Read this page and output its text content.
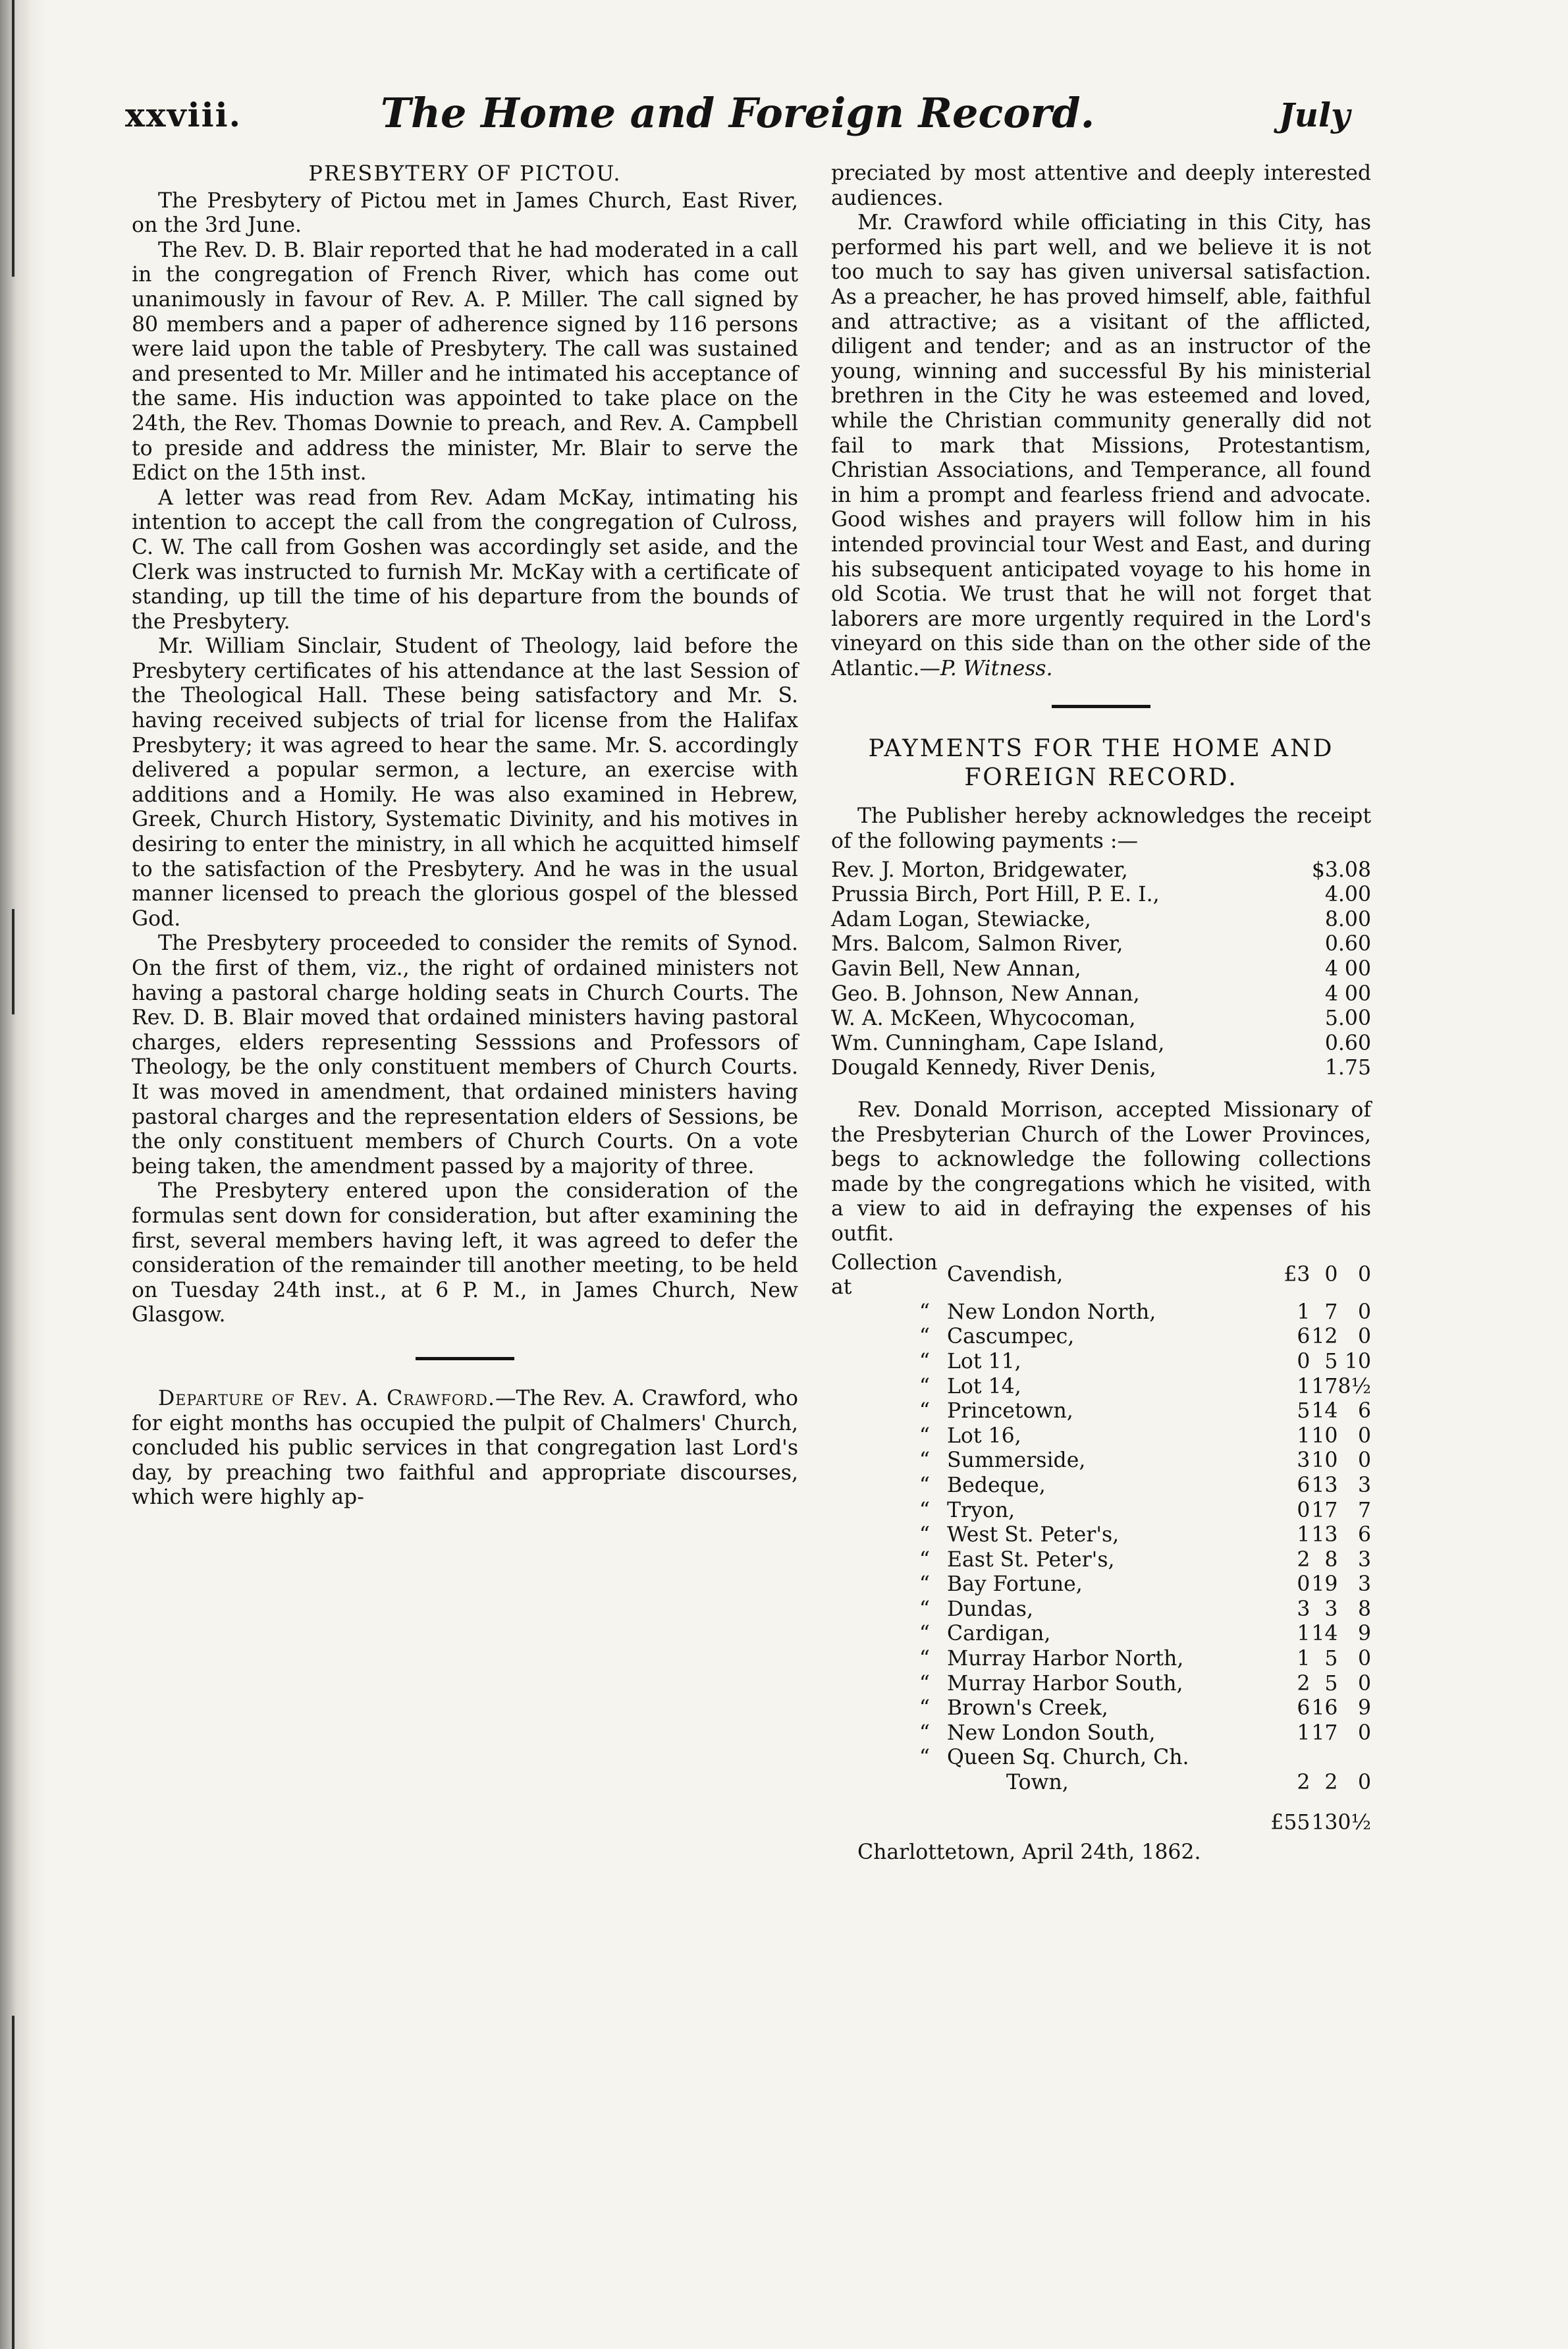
xxviii.	The Home and Foreign Record.	July
PRESBYTERY OF PICTOU.

The Presbytery of Pictou met in James Church, East River, on the 3rd June.

The Rev. D. B. Blair reported that he had moderated in a call in the congregation of French River, which has come out unanimously in favour of Rev. A. P. Miller. The call signed by 80 members and a paper of adherence signed by 116 persons were laid upon the table of Presbytery. The call was sustained and presented to Mr. Miller and he intimated his acceptance of the same. His induction was appointed to take place on the 24th, the Rev. Thomas Downie to preach, and Rev. A. Campbell to preside and address the minister, Mr. Blair to serve the Edict on the 15th inst.

A letter was read from Rev. Adam McKay, intimating his intention to accept the call from the congregation of Culross, C. W. The call from Goshen was accordingly set aside, and the Clerk was instructed to furnish Mr. McKay with a certificate of standing, up till the time of his departure from the bounds of the Presbytery.

Mr. William Sinclair, Student of Theology, laid before the Presbytery certificates of his attendance at the last Session of the Theological Hall. These being satisfactory and Mr. S. having received subjects of trial for license from the Halifax Presbytery; it was agreed to hear the same. Mr. S. accordingly delivered a popular sermon, a lecture, an exercise with additions and a Homily. He was also examined in Hebrew, Greek, Church History, Systematic Divinity, and his motives in desiring to enter the ministry, in all which he acquitted himself to the satisfaction of the Presbytery. And he was in the usual manner licensed to preach the glorious gospel of the blessed God.

The Presbytery proceeded to consider the remits of Synod. On the first of them, viz., the right of ordained ministers not having a pastoral charge holding seats in Church Courts. The Rev. D. B. Blair moved that ordained ministers having pastoral charges, elders representing Sesssions and Professors of Theology, be the only constituent members of Church Courts. It was moved in amendment, that ordained ministers having pastoral charges and the representation elders of Sessions, be the only constituent members of Church Courts. On a vote being taken, the amendment passed by a majority of three.

The Presbytery entered upon the consideration of the formulas sent down for consideration, but after examining the first, several members having left, it was agreed to defer the consideration of the remainder till another meeting, to be held on Tuesday 24th inst., at 6 P. M., in James Church, New Glasgow.

Departure of Rev. A. Crawford.—The Rev. A. Crawford, who for eight months has occupied the pulpit of Chalmers' Church, concluded his public services in that congregation last Lord's day, by preaching two faithful and appropriate discourses, which were highly ap-

preciated by most attentive and deeply interested audiences.

Mr. Crawford while officiating in this City, has performed his part well, and we believe it is not too much to say has given universal satisfaction. As a preacher, he has proved himself, able, faithful and attractive; as a visitant of the afflicted, diligent and tender; and as an instructor of the young, winning and successful By his ministerial brethren in the City he was esteemed and loved, while the Christian community generally did not fail to mark that Missions, Protestantism, Christian Associations, and Temperance, all found in him a prompt and fearless friend and advocate. Good wishes and prayers will follow him in his intended provincial tour West and East, and during his subsequent anticipated voyage to his home in old Scotia. We trust that he will not forget that laborers are more urgently required in the Lord's vineyard on this side than on the other side of the Atlantic.—P. Witness.

PAYMENTS FOR THE HOME AND
FOREIGN RECORD.

The Publisher hereby acknowledges the receipt of the following payments :—

Rev. J. Morton, Bridgewater,	$3.08
Prussia Birch, Port Hill, P. E. I.,	4.00
Adam Logan, Stewiacke,	8.00
Mrs. Balcom, Salmon River,	0.60
Gavin Bell, New Annan,	4 00
Geo. B. Johnson, New Annan,	4 00
W. A. McKeen, Whycocoman,	5.00
Wm. Cunningham, Cape Island,	0.60
Dougald Kennedy, River Denis,	1.75

Rev. Donald Morrison, accepted Missionary of the Presbyterian Church of the Lower Provinces, begs to acknowledge the following collections made by the congregations which he visited, with a view to aid in defraying the expenses of his outfit.

Collection at	Cavendish,	£3	0	0
“	New London North,	1	7	0
“	Cascumpec,	6	12	0
“	Lot 11,	0	5	10
“	Lot 14,	1	17	8½
“	Princetown,	5	14	6
“	Lot 16,	1	10	0
“	Summerside,	3	10	0
“	Bedeque,	6	13	3
“	Tryon,	0	17	7
“	West St. Peter's,	1	13	6
“	East St. Peter's,	2	8	3
“	Bay Fortune,	0	19	3
“	Dundas,	3	3	8
“	Cardigan,	1	14	9
“	Murray Harbor North,	1	5	0
“	Murray Harbor South,	2	5	0
“	Brown's Creek,	6	16	9
“	New London South,	1	17	0
“	Queen Sq. Church, Ch.			
	Town,	2	2	0

		£55	13	0½
Charlottetown, April 24th, 1862.
